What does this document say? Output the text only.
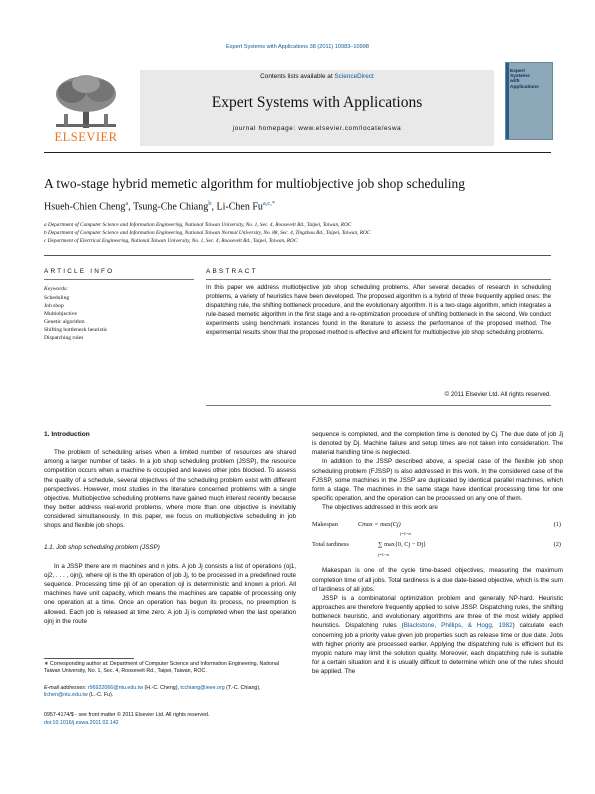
Expert Systems with Applications 38 (2011) 10983–10998
ELSEVIER
Contents lists available at ScienceDirect
Expert Systems with Applications
journal homepage: www.elsevier.com/locate/eswa
Expert
Systems
with
Applications
A two-stage hybrid memetic algorithm for multiobjective job shop scheduling
Hsueh-Chien Cheng$^a$, Tsung-Che Chiang$^b$, Li-Chen $Fu^{a,c,*}$
a Department of Computer Science and Information Engineering, National Taiwan University, No. 1, Sec. 4, Roosevelt Rd., Taipei, Taiwan, ROC
b Department of Computer Science and Information Engineering, National Taiwan Normal University, No. 88, Sec. 4, Tingzhou Rd., Taipei, Taiwan, ROC
c Department of Electrical Engineering, National Taiwan University, No. 1, Sec. 4, Roosevelt Rd., Taipei, Taiwan, ROC
ARTICLE INFO
Keywords:
Scheduling
Job shop
Multiobjective
Genetic algorithm
Shifting bottleneck heuristic
Dispatching rules
ABSTRACT
In this paper we address multiobjective job shop scheduling problems. After several decades of research in scheduling problems, a variety of heuristics have been developed. The proposed algorithm is a hybrid of three frequently applied ones: the dispatching rule, the shifting bottleneck procedure, and the evolutionary algorithm. It is a two-stage algorithm, which integrates a rule-based memetic algorithm in the first stage and a re-optimization procedure of shifting bottleneck in the second. We conduct experiments using benchmark instances found in the literature to assess the performance of the proposed method. The experimental results show that the proposed method is effective and efficient for multiobjective job shop scheduling problems.
© 2011 Elsevier Ltd. All rights reserved.
1. Introduction

The problem of scheduling arises when a limited number of resources are shared among a larger number of tasks. In a job shop scheduling problem (JSSP), the resource competition occurs when a machine is occupied and leaves other jobs blocked. To assess the quality of a schedule, several objectives of the scheduling problem exist with different perspectives. However, most studies in the literature concerned problems with a single objective. Multiobjective scheduling problems have gained much interest recently because they better address real-world problems, where more than one objective is inevitably considered simultaneously. In this paper, we focus on multiobjective scheduling in job shops and flexible job shops.

1.1. Job shop scheduling problem (JSSP)

In a JSSP there are m machines and n jobs. A job Jj consists a list of operations (oj1, oj2, . . . , ojnj), where ojl is the lth operation of job Jj, to be processed in a predefined route sequence. Processing time pjl of an operation ojl is deterministic and known a priori. All machines have unit capacity, which means the machines are capable of processing only one operation at a time. Once an operation has begun its process, no preemption is allowed. Each job is released at time zero. A job Jj is completed when the last operation ojnj in the route

∗ Corresponding author at: Department of Computer Science and Information Engineering, National Taiwan University, No. 1, Sec. 4, Roosevelt Rd., Taipei, Taiwan, ROC.
E-mail addresses: r96922066@ntu.edu.tw (H.-C. Cheng), tcchiang@ieee.org (T.-C. Chiang), lichen@ntu.edu.tw (L.-C. Fu).
0957-4174/$ - see front matter © 2011 Elsevier Ltd. All rights reserved.
doi:10.1016/j.eswa.2011.02.142
sequence is completed, and the completion time is denoted by Cj. The due date of job Jj is denoted by Dj. Machine failure and setup times are not taken into consideration. The material handling time is neglected.

In addition to the JSSP described above, a special case of the flexible job shop scheduling problem (FJSSP) is also addressed in this work. In the considered case of the FJSSP, some machines in the JSSP are duplicated by identical parallel machines, which form a stage. The machines in the same stage have identical processing time for one specific operation, and the operation can be processed on any one of them.

The objectives addressed in this work are

Makespan	Cmax = max(Cj)
j=1~n
(1)
Total tardiness	∑ max{0, Cj − Dj}
j=1~n
(2)

Makespan is one of the cycle time-based objectives, measuring the maximum completion time of all jobs. Total tardiness is a due date-based objective, which is the sum of tardiness of all jobs.

JSSP is a combinatorial optimization problem and generally NP-hard. Heuristic approaches are therefore frequently applied to solve JSSP. Dispatching rules, the shifting bottleneck heuristic, and evolutionary algorithms are three of the most widely applied heuristics. Dispatching rules (Blackstone, Phillips, & Hogg, 1982) calculate each concerning job a priority value given job properties such as release time or due date. Jobs with higher priority are processed earlier. Applying the dispatching rule is efficient but its myopic nature may limit the solution quality. Moreover, each dispatching rule is suitable for a certain situation and it is usually difficult to determine which one of the rules should be applied. The
